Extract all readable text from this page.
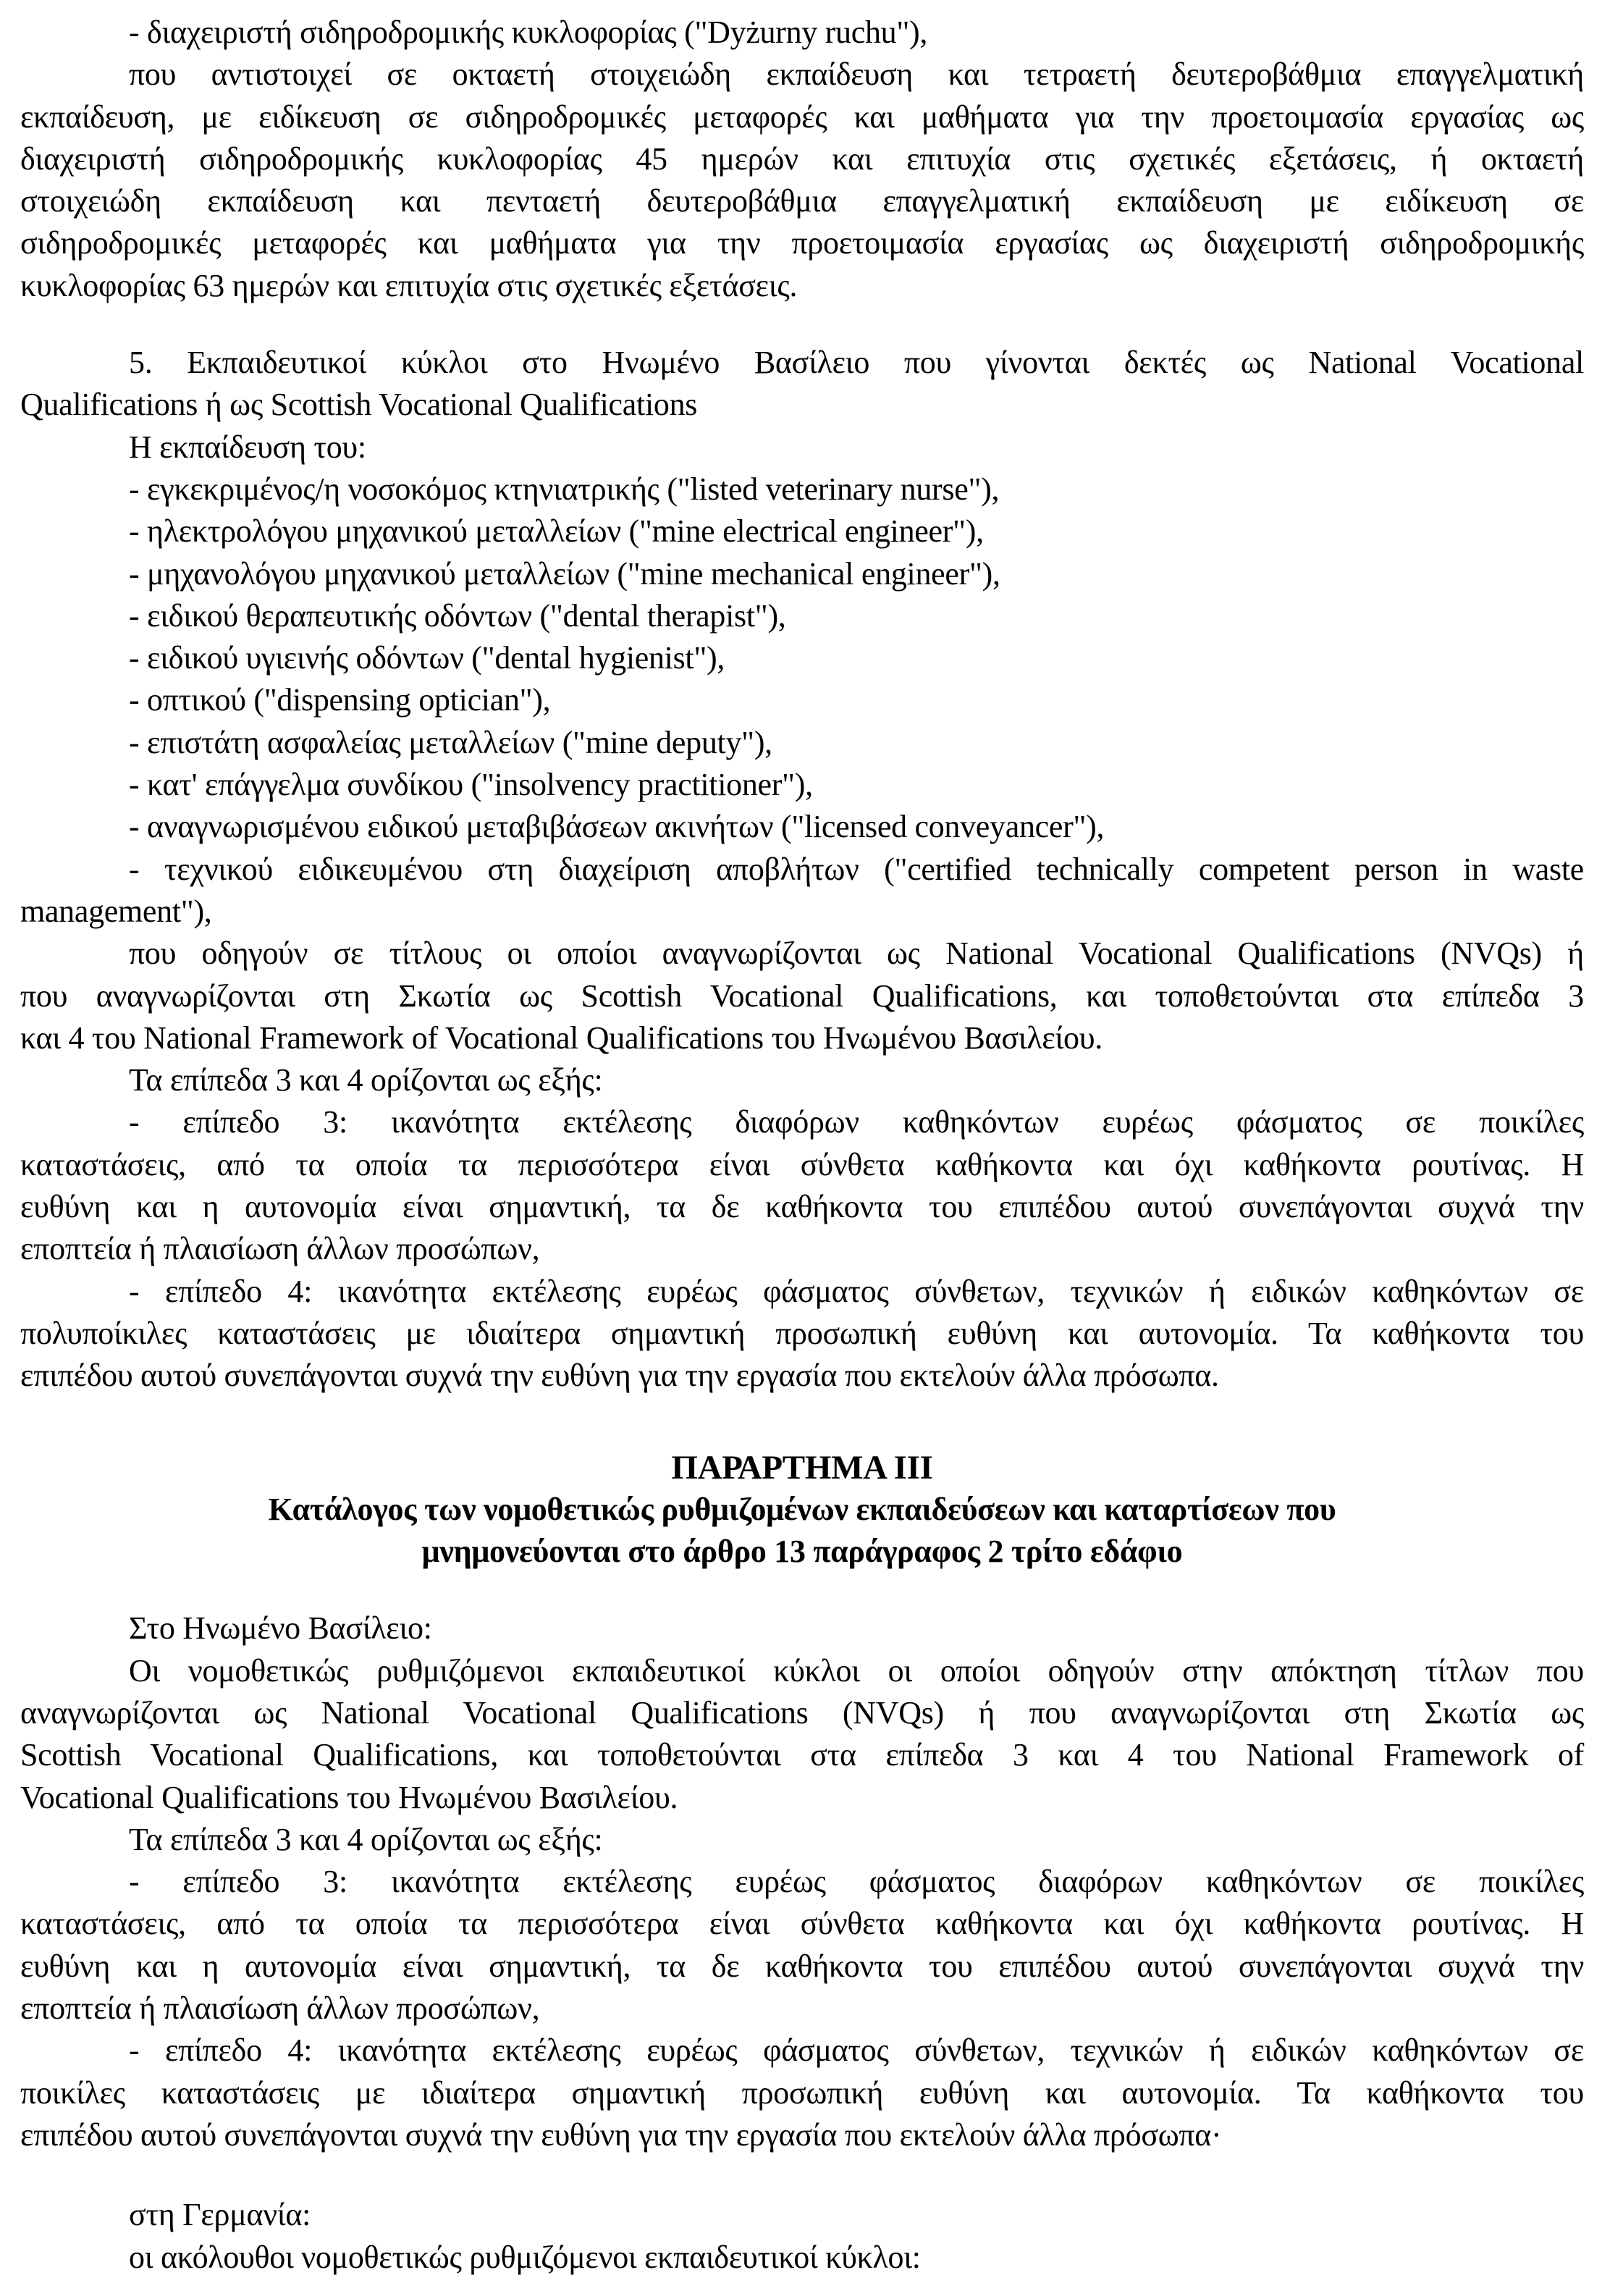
- διαχειριστή σιδηροδρομικής κυκλοφορίας ("Dyżurny ruchu"),
που αντιστοιχεί σε οκταετή στοιχειώδη εκπαίδευση και τετραετή δευτεροβάθμια επαγγελματική
εκπαίδευση, με ειδίκευση σε σιδηροδρομικές μεταφορές και μαθήματα για την προετοιμασία εργασίας ως
διαχειριστή σιδηροδρομικής κυκλοφορίας 45 ημερών και επιτυχία στις σχετικές εξετάσεις, ή οκταετή
στοιχειώδη εκπαίδευση και πενταετή δευτεροβάθμια επαγγελματική εκπαίδευση με ειδίκευση σε
σιδηροδρομικές μεταφορές και μαθήματα για την προετοιμασία εργασίας ως διαχειριστή σιδηροδρομικής
κυκλοφορίας 63 ημερών και επιτυχία στις σχετικές εξετάσεις.
5. Εκπαιδευτικοί κύκλοι στο Ηνωμένο Βασίλειο που γίνονται δεκτές ως National Vocational
Qualifications ή ως Scottish Vocational Qualifications
Η εκπαίδευση του:
- εγκεκριμένος/η νοσοκόμος κτηνιατρικής ("listed veterinary nurse"),
- ηλεκτρολόγου μηχανικού μεταλλείων ("mine electrical engineer"),
- μηχανολόγου μηχανικού μεταλλείων ("mine mechanical engineer"),
- ειδικού θεραπευτικής οδόντων ("dental therapist"),
- ειδικού υγιεινής οδόντων ("dental hygienist"),
- οπτικού ("dispensing optician"),
- επιστάτη ασφαλείας μεταλλείων ("mine deputy"),
- κατ' επάγγελμα συνδίκου ("insolvency practitioner"),
- αναγνωρισμένου ειδικού μεταβιβάσεων ακινήτων ("licensed conveyancer"),
- τεχνικού ειδικευμένου στη διαχείριση αποβλήτων ("certified technically competent person in waste
management"),
που οδηγούν σε τίτλους οι οποίοι αναγνωρίζονται ως National Vocational Qualifications (NVQs) ή
που αναγνωρίζονται στη Σκωτία ως Scottish Vocational Qualifications, και τοποθετούνται στα επίπεδα 3
και 4 του National Framework of Vocational Qualifications του Ηνωμένου Βασιλείου.
Τα επίπεδα 3 και 4 ορίζονται ως εξής:
- επίπεδο 3: ικανότητα εκτέλεσης διαφόρων καθηκόντων ευρέως φάσματος σε ποικίλες
καταστάσεις, από τα οποία τα περισσότερα είναι σύνθετα καθήκοντα και όχι καθήκοντα ρουτίνας. Η
ευθύνη και η αυτονομία είναι σημαντική, τα δε καθήκοντα του επιπέδου αυτού συνεπάγονται συχνά την
εποπτεία ή πλαισίωση άλλων προσώπων,
- επίπεδο 4: ικανότητα εκτέλεσης ευρέως φάσματος σύνθετων, τεχνικών ή ειδικών καθηκόντων σε
πολυποίκιλες καταστάσεις με ιδιαίτερα σημαντική προσωπική ευθύνη και αυτονομία. Τα καθήκοντα του
επιπέδου αυτού συνεπάγονται συχνά την ευθύνη για την εργασία που εκτελούν άλλα πρόσωπα.
ΠΑΡΑΡΤΗΜΑ ΙΙΙ
Κατάλογος των νομοθετικώς ρυθμιζομένων εκπαιδεύσεων και καταρτίσεων που
μνημονεύονται στο άρθρο 13 παράγραφος 2 τρίτο εδάφιο
Στο Ηνωμένο Βασίλειο:
Οι νομοθετικώς ρυθμιζόμενοι εκπαιδευτικοί κύκλοι οι οποίοι οδηγούν στην απόκτηση τίτλων που
αναγνωρίζονται ως National Vocational Qualifications (NVQs) ή που αναγνωρίζονται στη Σκωτία ως
Scottish Vocational Qualifications, και τοποθετούνται στα επίπεδα 3 και 4 του National Framework of
Vocational Qualifications του Ηνωμένου Βασιλείου.
Τα επίπεδα 3 και 4 ορίζονται ως εξής:
- επίπεδο 3: ικανότητα εκτέλεσης ευρέως φάσματος διαφόρων καθηκόντων σε ποικίλες
καταστάσεις, από τα οποία τα περισσότερα είναι σύνθετα καθήκοντα και όχι καθήκοντα ρουτίνας. Η
ευθύνη και η αυτονομία είναι σημαντική, τα δε καθήκοντα του επιπέδου αυτού συνεπάγονται συχνά την
εποπτεία ή πλαισίωση άλλων προσώπων,
- επίπεδο 4: ικανότητα εκτέλεσης ευρέως φάσματος σύνθετων, τεχνικών ή ειδικών καθηκόντων σε
ποικίλες καταστάσεις με ιδιαίτερα σημαντική προσωπική ευθύνη και αυτονομία. Τα καθήκοντα του
επιπέδου αυτού συνεπάγονται συχνά την ευθύνη για την εργασία που εκτελούν άλλα πρόσωπα·
στη Γερμανία:
οι ακόλουθοι νομοθετικώς ρυθμιζόμενοι εκπαιδευτικοί κύκλοι:
